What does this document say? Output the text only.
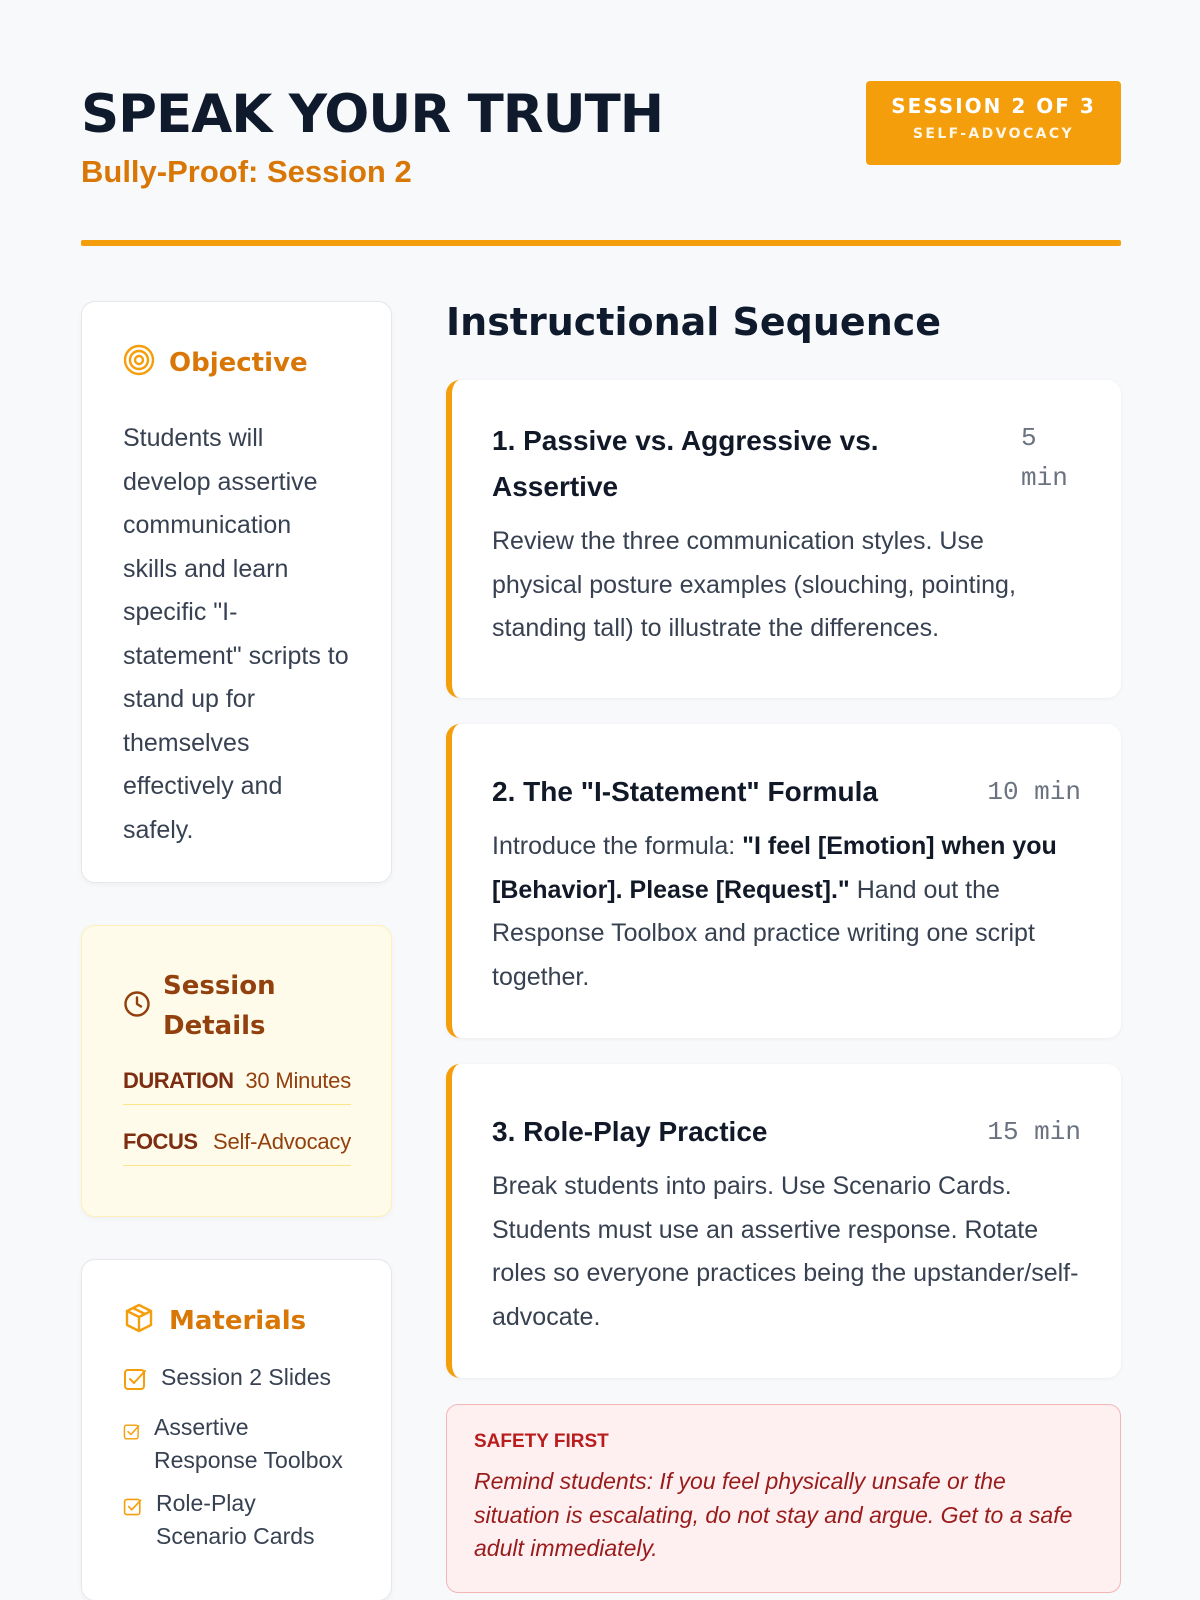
SPEAK YOUR TRUTH
Bully-Proof: Session 2
SESSION 2 OF 3
SELF-ADVOCACY
Objective
Students will develop assertive communication skills and learn specific "I-statement" scripts to stand up for themselves effectively and safely.
Session Details
DURATION 30 Minutes
FOCUS Self-Advocacy
Materials
Session 2 Slides
Assertive Response Toolbox
Role-Play Scenario Cards
Instructional Sequence
1. Passive vs. Aggressive vs. Assertive
5 min
Review the three communication styles. Use physical posture examples (slouching, pointing, standing tall) to illustrate the differences.
2. The "I-Statement" Formula	10 min
Introduce the formula: "I feel [Emotion] when you [Behavior]. Please [Request]." Hand out the Response Toolbox and practice writing one script together.
3. Role-Play Practice	15 min
Break students into pairs. Use Scenario Cards. Students must use an assertive response. Rotate roles so everyone practices being the upstander/self-advocate.
SAFETY FIRST
Remind students: If you feel physically unsafe or the situation is escalating, do not stay and argue. Get to a safe adult immediately.
